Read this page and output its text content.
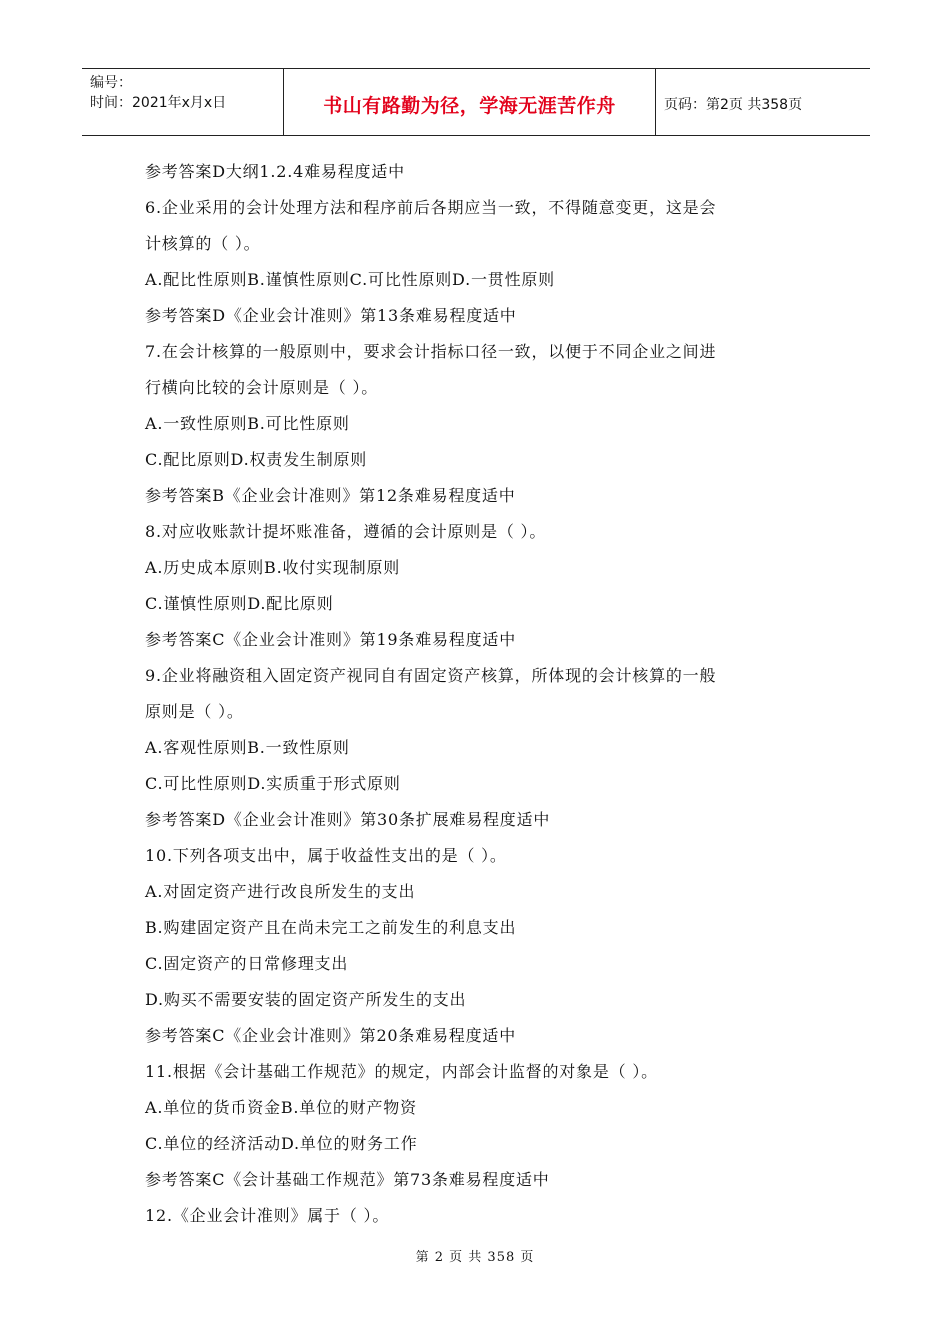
编号：
时间：2021年x月x日	书山有路勤为径，学海无涯苦作舟	页码：第2页 共358页
参考答案D大纲1.2.4难易程度适中
6.企业采用的会计处理方法和程序前后各期应当一致，不得随意变更，这是会
计核算的（ ）。
A.配比性原则B.谨慎性原则C.可比性原则D.一贯性原则
参考答案D《企业会计准则》第13条难易程度适中
7.在会计核算的一般原则中，要求会计指标口径一致，以便于不同企业之间进
行横向比较的会计原则是（ ）。
A.一致性原则B.可比性原则
C.配比原则D.权责发生制原则
参考答案B《企业会计准则》第12条难易程度适中
8.对应收账款计提坏账准备，遵循的会计原则是（ ）。
A.历史成本原则B.收付实现制原则
C.谨慎性原则D.配比原则
参考答案C《企业会计准则》第19条难易程度适中
9.企业将融资租入固定资产视同自有固定资产核算，所体现的会计核算的一般
原则是（ ）。
A.客观性原则B.一致性原则
C.可比性原则D.实质重于形式原则
参考答案D《企业会计准则》第30条扩展难易程度适中
10.下列各项支出中，属于收益性支出的是（ ）。
A.对固定资产进行改良所发生的支出
B.购建固定资产且在尚未完工之前发生的利息支出
C.固定资产的日常修理支出
D.购买不需要安装的固定资产所发生的支出
参考答案C《企业会计准则》第20条难易程度适中
11.根据《会计基础工作规范》的规定，内部会计监督的对象是（ ）。
A.单位的货币资金B.单位的财产物资
C.单位的经济活动D.单位的财务工作
参考答案C《会计基础工作规范》第73条难易程度适中
12.《企业会计准则》属于（ ）。
第 2 页 共 358 页
